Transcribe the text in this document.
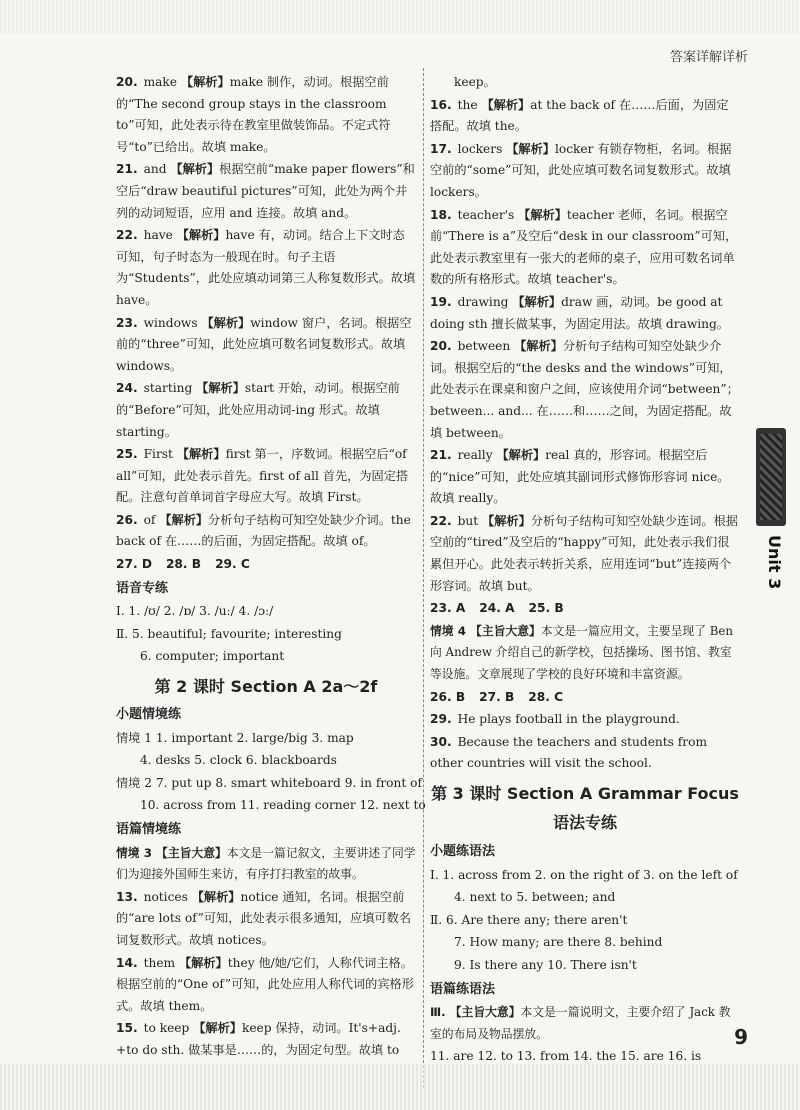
答案详解详析
20. make 【解析】make 制作，动词。根据空前的“The second group stays in the classroom to”可知，此处表示待在教室里做装饰品。不定式符号“to”已给出。故填 make。
21. and 【解析】根据空前“make paper flowers”和空后“draw beautiful pictures”可知，此处为两个并列的动词短语，应用 and 连接。故填 and。
22. have 【解析】have 有，动词。结合上下文时态可知，句子时态为一般现在时。句子主语为“Students”，此处应填动词第三人称复数形式。故填 have。
23. windows 【解析】window 窗户，名词。根据空前的“three”可知，此处应填可数名词复数形式。故填 windows。
24. starting 【解析】start 开始，动词。根据空前的“Before”可知，此处应用动词-ing 形式。故填 starting。
25. First 【解析】first 第一，序数词。根据空后“of all”可知，此处表示首先。first of all 首先，为固定搭配。注意句首单词首字母应大写。故填 First。
26. of 【解析】分析句子结构可知空处缺少介词。the back of 在……的后面，为固定搭配。故填 of。
27. D 28. B 29. C
语音专练
Ⅰ. 1. /ʊ/ 2. /ɒ/ 3. /uː/ 4. /ɔː/
Ⅱ. 5. beautiful; favourite; interesting
6. computer; important
第 2 课时 Section A 2a～2f
小题情境练
情境 1 1. important 2. large/big 3. map
4. desks 5. clock 6. blackboards
情境 2 7. put up 8. smart whiteboard 9. in front of
10. across from 11. reading corner 12. next to
语篇情境练
情境 3 【主旨大意】本文是一篇记叙文，主要讲述了同学们为迎接外国师生来访，有序打扫教室的故事。
13. notices 【解析】notice 通知，名词。根据空前的“are lots of”可知，此处表示很多通知，应填可数名词复数形式。故填 notices。
14. them 【解析】they 他/她/它们，人称代词主格。根据空前的“One of”可知，此处应用人称代词的宾格形式。故填 them。
15. to keep 【解析】keep 保持，动词。It's+adj. +to do sth. 做某事是……的，为固定句型。故填 to
keep。
16. the 【解析】at the back of 在……后面，为固定搭配。故填 the。
17. lockers 【解析】locker 有锁存物柜，名词。根据空前的“some”可知，此处应填可数名词复数形式。故填 lockers。
18. teacher's 【解析】teacher 老师，名词。根据空前“There is a”及空后“desk in our classroom”可知，此处表示教室里有一张大的老师的桌子，应用可数名词单数的所有格形式。故填 teacher's。
19. drawing 【解析】draw 画，动词。be good at doing sth 擅长做某事，为固定用法。故填 drawing。
20. between 【解析】分析句子结构可知空处缺少介词。根据空后的“the desks and the windows”可知，此处表示在课桌和窗户之间，应该使用介词“between”；between... and... 在……和……之间，为固定搭配。故填 between。
21. really 【解析】real 真的，形容词。根据空后的“nice”可知，此处应填其副词形式修饰形容词 nice。故填 really。
22. but 【解析】分析句子结构可知空处缺少连词。根据空前的“tired”及空后的“happy”可知，此处表示我们很累但开心。此处表示转折关系，应用连词“but”连接两个形容词。故填 but。
23. A 24. A 25. B
情境 4 【主旨大意】本文是一篇应用文，主要呈现了 Ben 向 Andrew 介绍自己的新学校，包括操场、图书馆、教室等设施。文章展现了学校的良好环境和丰富资源。
26. B 27. B 28. C
29. He plays football in the playground.
30. Because the teachers and students from other countries will visit the school.
第 3 课时 Section A Grammar Focus
语法专练
小题练语法
Ⅰ. 1. across from 2. on the right of 3. on the left of
4. next to 5. between; and
Ⅱ. 6. Are there any; there aren't
7. How many; are there 8. behind
9. Is there any 10. There isn't
语篇练语法
Ⅲ. 【主旨大意】本文是一篇说明文，主要介绍了 Jack 教室的布局及物品摆放。
11. are 12. to 13. from 14. the 15. are 16. is
Unit 3
9
